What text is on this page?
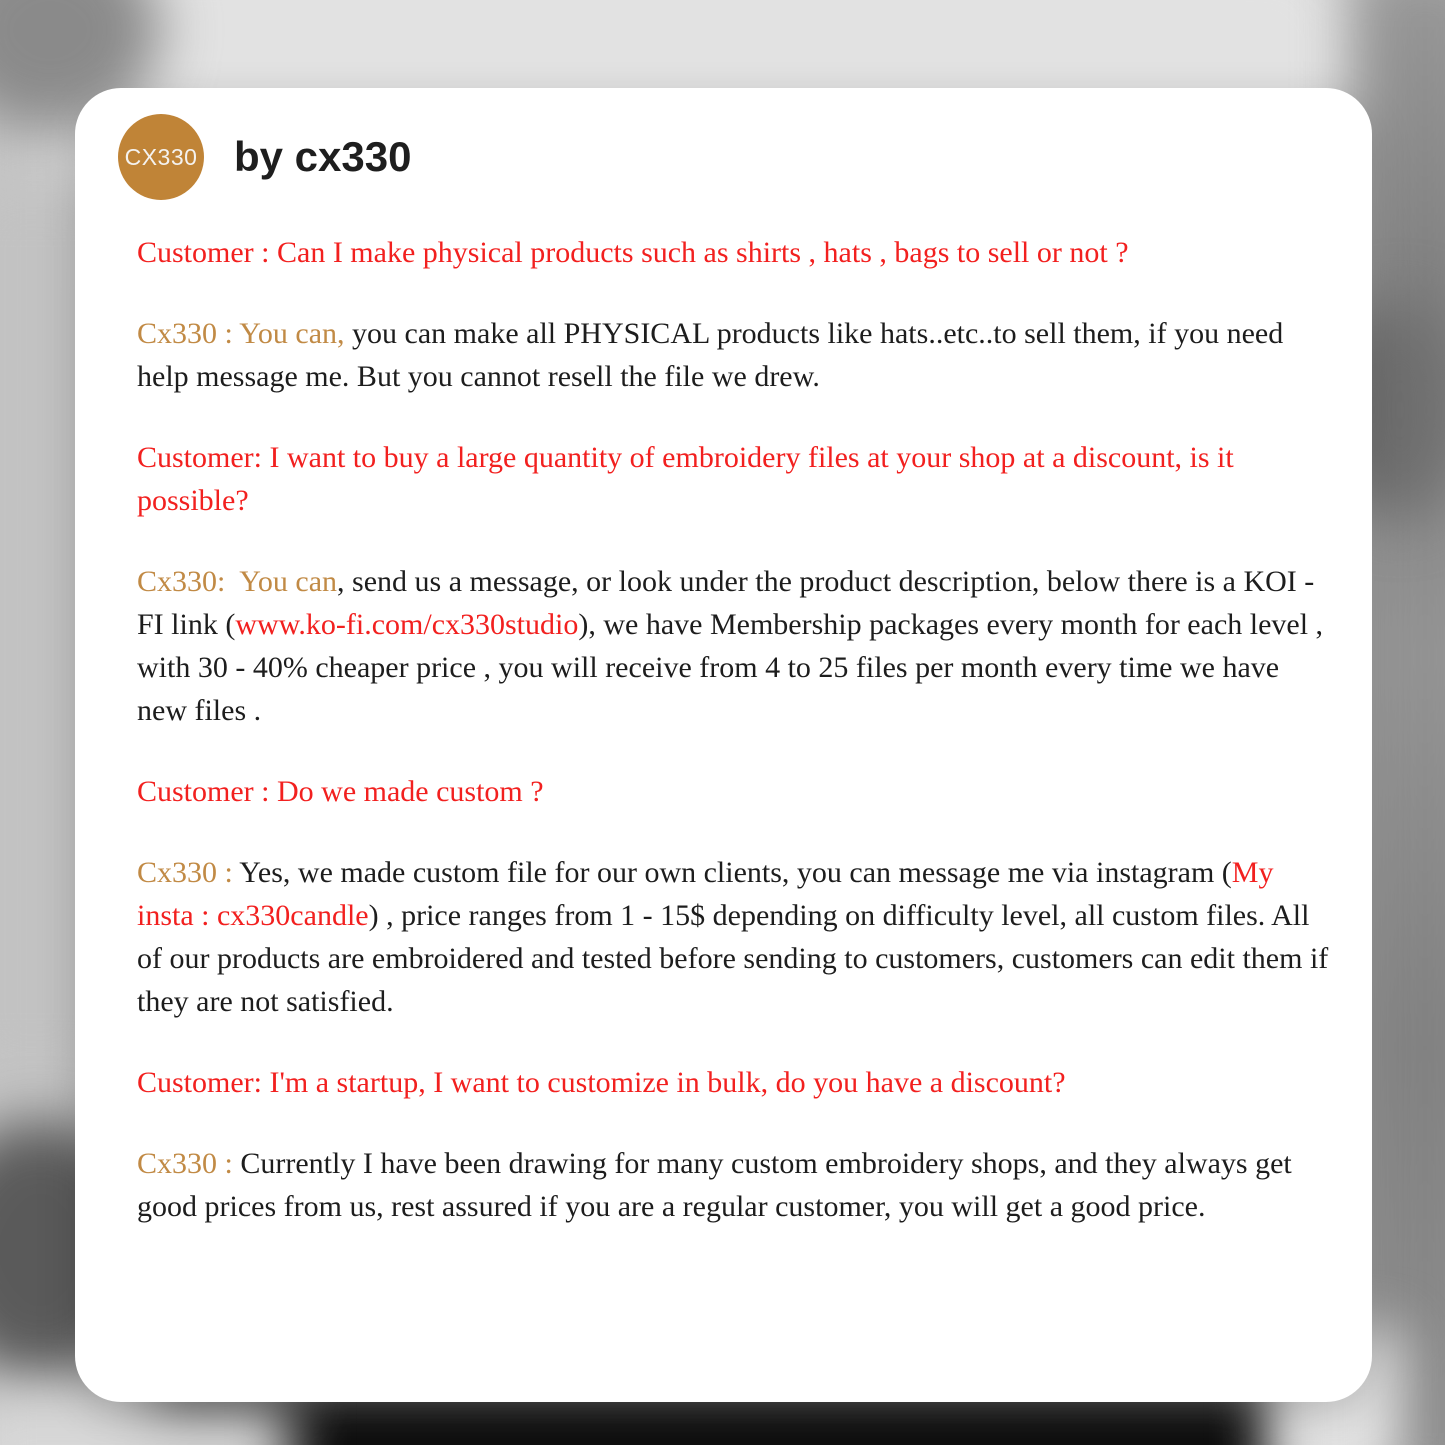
CX330 by cx330

Customer : Can I make physical products such as shirts , hats , bags to sell or not ?

Cx330 : You can, you can make all PHYSICAL products like hats..etc..to sell them, if you need help message me. But you cannot resell the file we drew.

Customer: I want to buy a large quantity of embroidery files at your shop at a discount, is it possible?

Cx330:  You can, send us a message, or look under the product description, below there is a KOI - FI link (www.ko-fi.com/cx330studio), we have Membership packages every month for each level , with 30 - 40% cheaper price , you will receive from 4 to 25 files per month every time we have new files .

Customer : Do we made custom ?

Cx330 : Yes, we made custom file for our own clients, you can message me via instagram (My insta : cx330candle) , price ranges from 1 - 15$ depending on difficulty level, all custom files. All of our products are embroidered and tested before sending to customers, customers can edit them if they are not satisfied.

Customer: I'm a startup, I want to customize in bulk, do you have a discount?

Cx330 : Currently I have been drawing for many custom embroidery shops, and they always get good prices from us, rest assured if you are a regular customer, you will get a good price.
